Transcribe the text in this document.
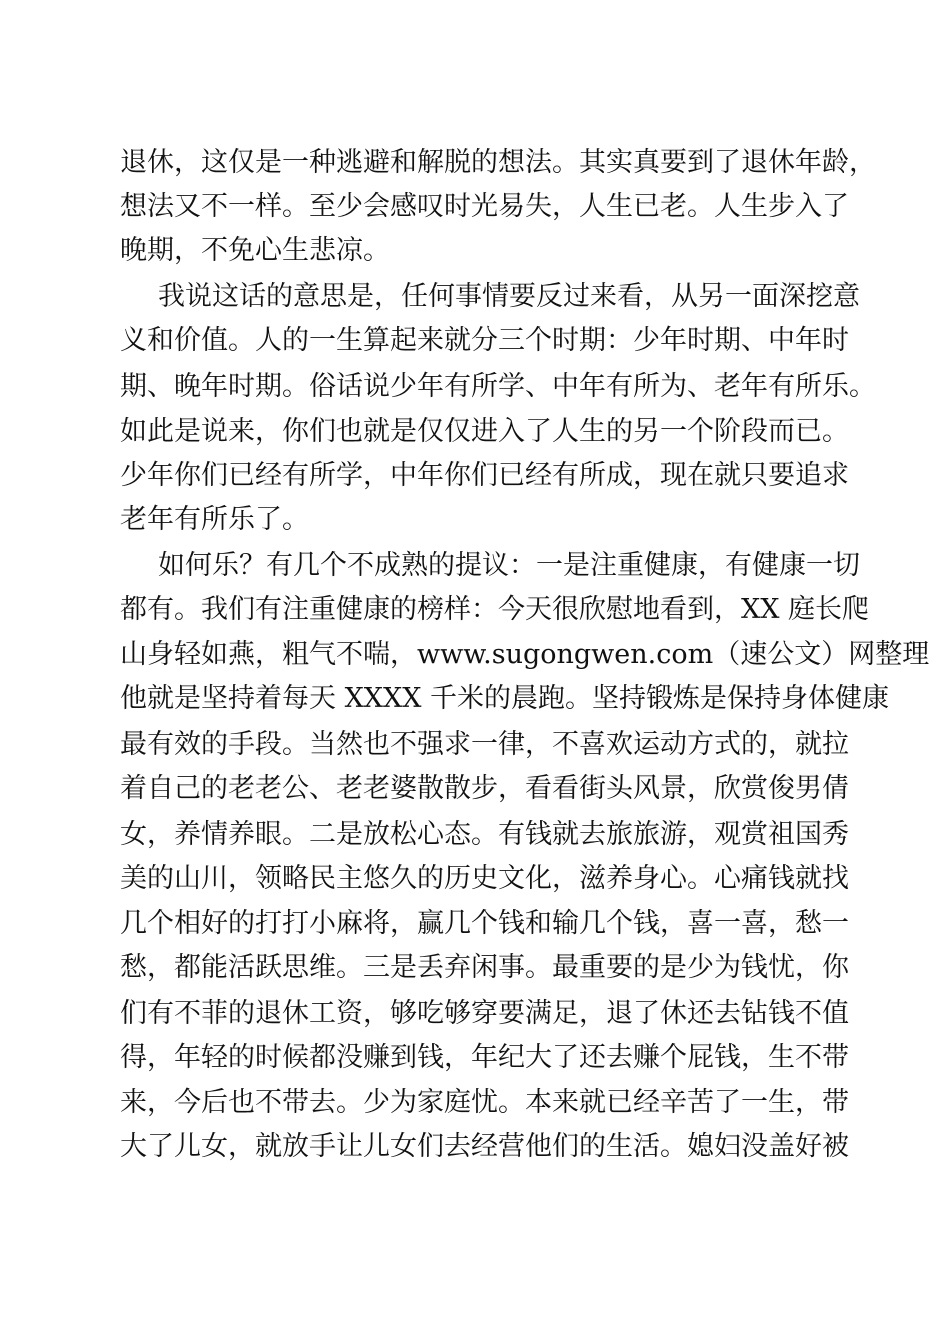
退休，这仅是一种逃避和解脱的想法。其实真要到了退休年龄，
想法又不一样。至少会感叹时光易失，人生已老。人生步入了
晚期，不免心生悲凉。
我说这话的意思是，任何事情要反过来看，从另一面深挖意
义和价值。人的一生算起来就分三个时期：少年时期、中年时
期、晚年时期。俗话说少年有所学、中年有所为、老年有所乐。
如此是说来，你们也就是仅仅进入了人生的另一个阶段而已。
少年你们已经有所学，中年你们已经有所成，现在就只要追求
老年有所乐了。
如何乐？有几个不成熟的提议：一是注重健康，有健康一切
都有。我们有注重健康的榜样：今天很欣慰地看到，XX 庭长爬
山身轻如燕，粗气不喘，www.sugongwen.com（速公文）网整理
他就是坚持着每天 XXXX 千米的晨跑。坚持锻炼是保持身体健康
最有效的手段。当然也不强求一律，不喜欢运动方式的，就拉
着自己的老老公、老老婆散散步，看看街头风景，欣赏俊男倩
女，养情养眼。二是放松心态。有钱就去旅旅游，观赏祖国秀
美的山川，领略民主悠久的历史文化，滋养身心。心痛钱就找
几个相好的打打小麻将，赢几个钱和输几个钱，喜一喜，愁一
愁，都能活跃思维。三是丢弃闲事。最重要的是少为钱忧，你
们有不菲的退休工资，够吃够穿要满足，退了休还去钻钱不值
得，年轻的时候都没赚到钱，年纪大了还去赚个屁钱，生不带
来，今后也不带去。少为家庭忧。本来就已经辛苦了一生，带
大了儿女，就放手让儿女们去经营他们的生活。媳妇没盖好被
